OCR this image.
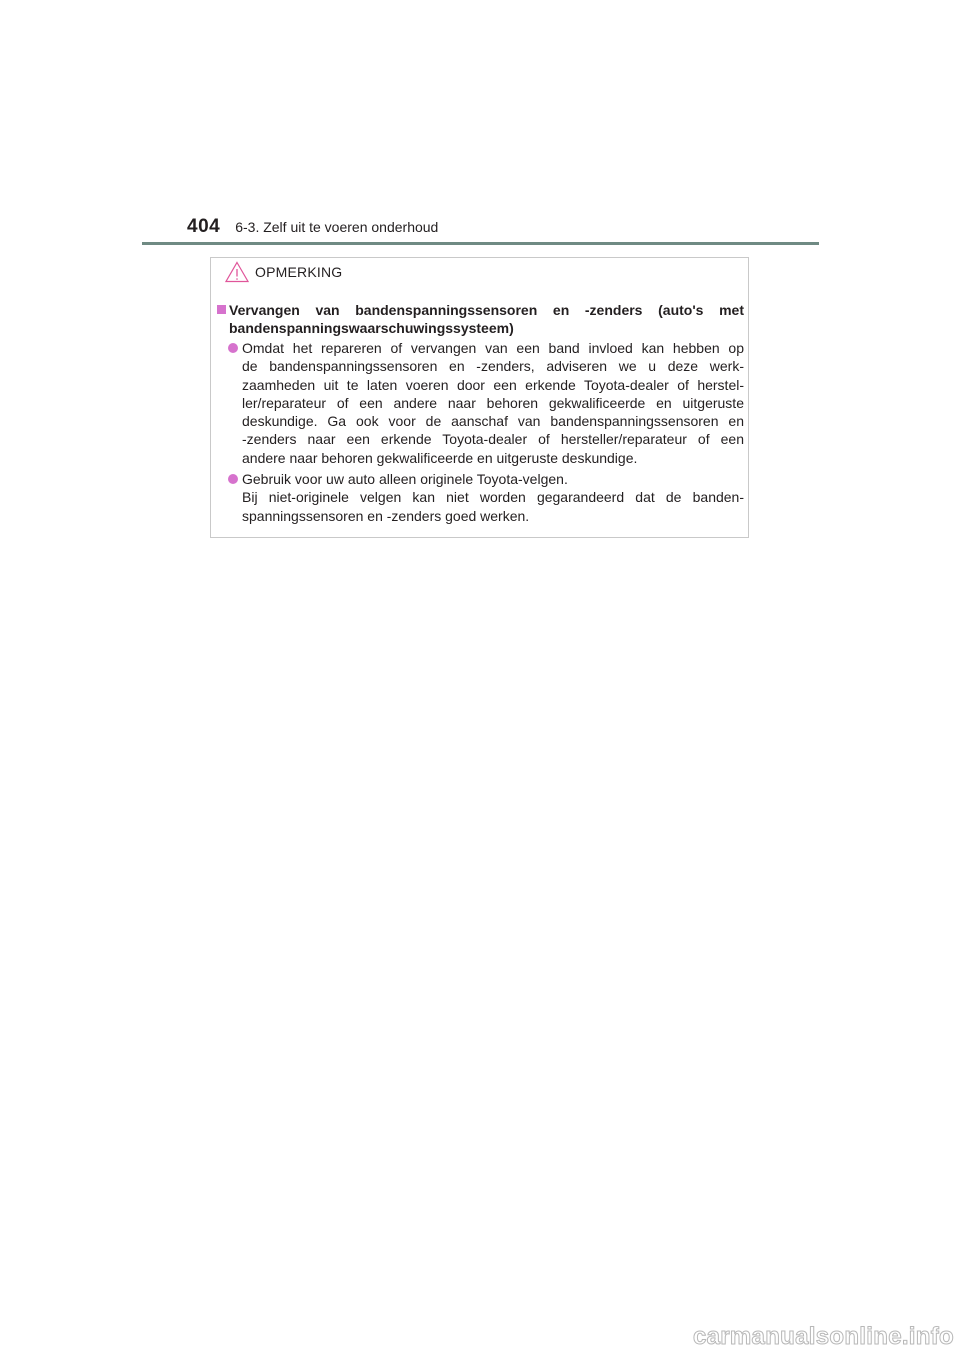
404 6-3. Zelf uit te voeren onderhoud
OPMERKING
Vervangen van bandenspanningssensoren en -zenders (auto's met bandenspanningswaarschuwingssysteem)
Omdat het repareren of vervangen van een band invloed kan hebben op
de bandenspanningssensoren en -zenders, adviseren we u deze werk-
zaamheden uit te laten voeren door een erkende Toyota-dealer of herstel-
ler/reparateur of een andere naar behoren gekwalificeerde en uitgeruste
deskundige. Ga ook voor de aanschaf van bandenspanningssensoren en
-zenders naar een erkende Toyota-dealer of hersteller/reparateur of een
andere naar behoren gekwalificeerde en uitgeruste deskundige.
Gebruik voor uw auto alleen originele Toyota-velgen.
Bij niet-originele velgen kan niet worden gegarandeerd dat de banden-
spanningssensoren en -zenders goed werken.
carmanualsonline.info
